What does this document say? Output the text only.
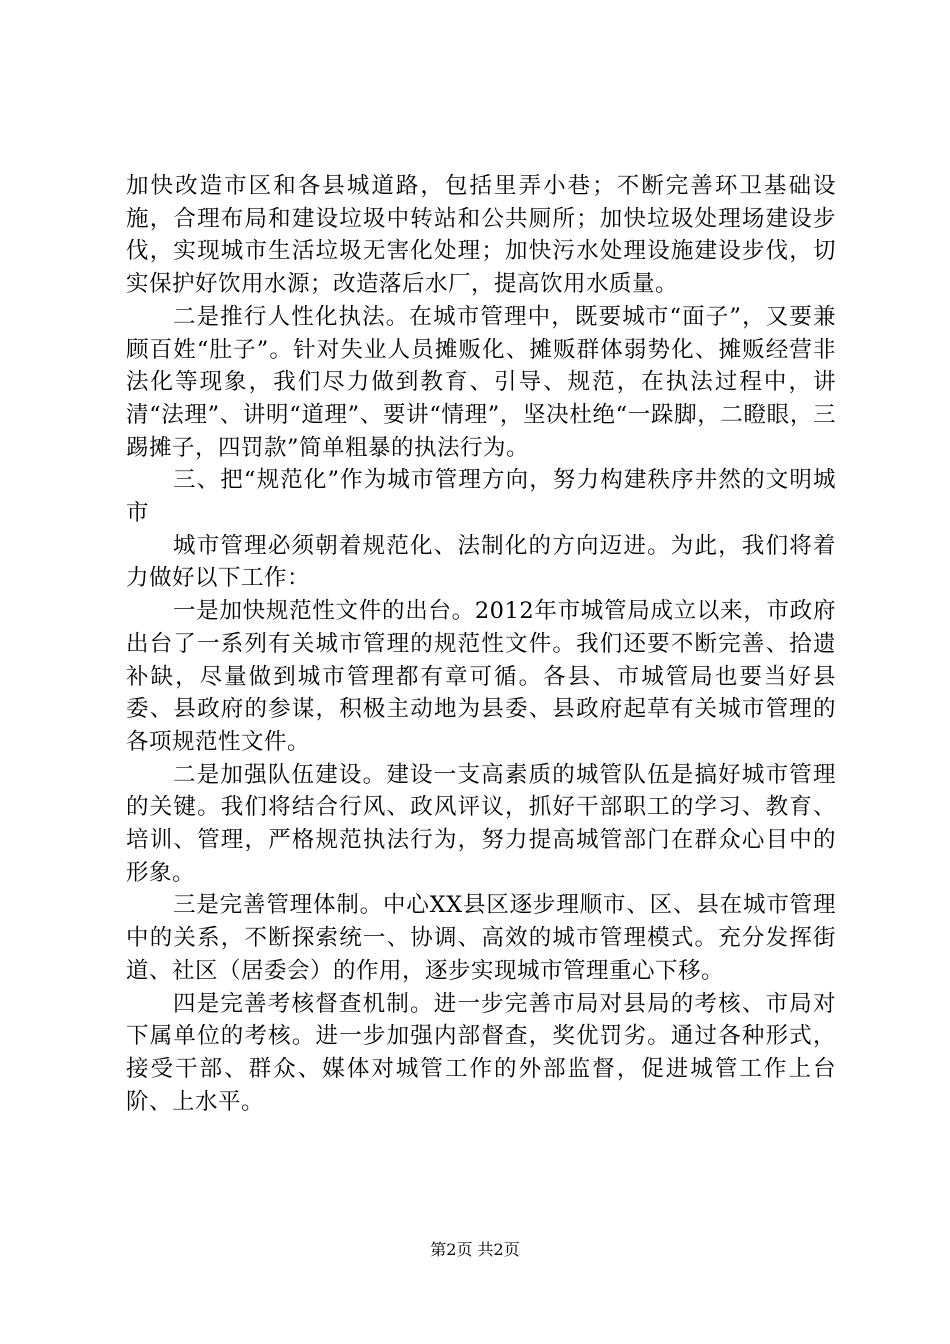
加快改造市区和各县城道路，包括里弄小巷；不断完善环卫基础设施，合理布局和建设垃圾中转站和公共厕所；加快垃圾处理场建设步伐，实现城市生活垃圾无害化处理；加快污水处理设施建设步伐，切实保护好饮用水源；改造落后水厂，提高饮用水质量。

二是推行人性化执法。在城市管理中，既要城市“面子”，又要兼顾百姓“肚子”。针对失业人员摊贩化、摊贩群体弱势化、摊贩经营非法化等现象，我们尽力做到教育、引导、规范，在执法过程中，讲清“法理”、讲明“道理”、要讲“情理”，坚决杜绝“一跺脚，二瞪眼，三踢摊子，四罚款”简单粗暴的执法行为。

三、把“规范化”作为城市管理方向，努力构建秩序井然的文明城市

城市管理必须朝着规范化、法制化的方向迈进。为此，我们将着力做好以下工作：

一是加快规范性文件的出台。2012年市城管局成立以来，市政府出台了一系列有关城市管理的规范性文件。我们还要不断完善、拾遗补缺，尽量做到城市管理都有章可循。各县、市城管局也要当好县委、县政府的参谋，积极主动地为县委、县政府起草有关城市管理的各项规范性文件。

二是加强队伍建设。建设一支高素质的城管队伍是搞好城市管理的关键。我们将结合行风、政风评议，抓好干部职工的学习、教育、培训、管理，严格规范执法行为，努力提高城管部门在群众心目中的形象。

三是完善管理体制。中心XX县区逐步理顺市、区、县在城市管理中的关系，不断探索统一、协调、高效的城市管理模式。充分发挥街道、社区（居委会）的作用，逐步实现城市管理重心下移。

四是完善考核督查机制。进一步完善市局对县局的考核、市局对下属单位的考核。进一步加强内部督查，奖优罚劣。通过各种形式，接受干部、群众、媒体对城管工作的外部监督，促进城管工作上台阶、上水平。

第2页 共2页
